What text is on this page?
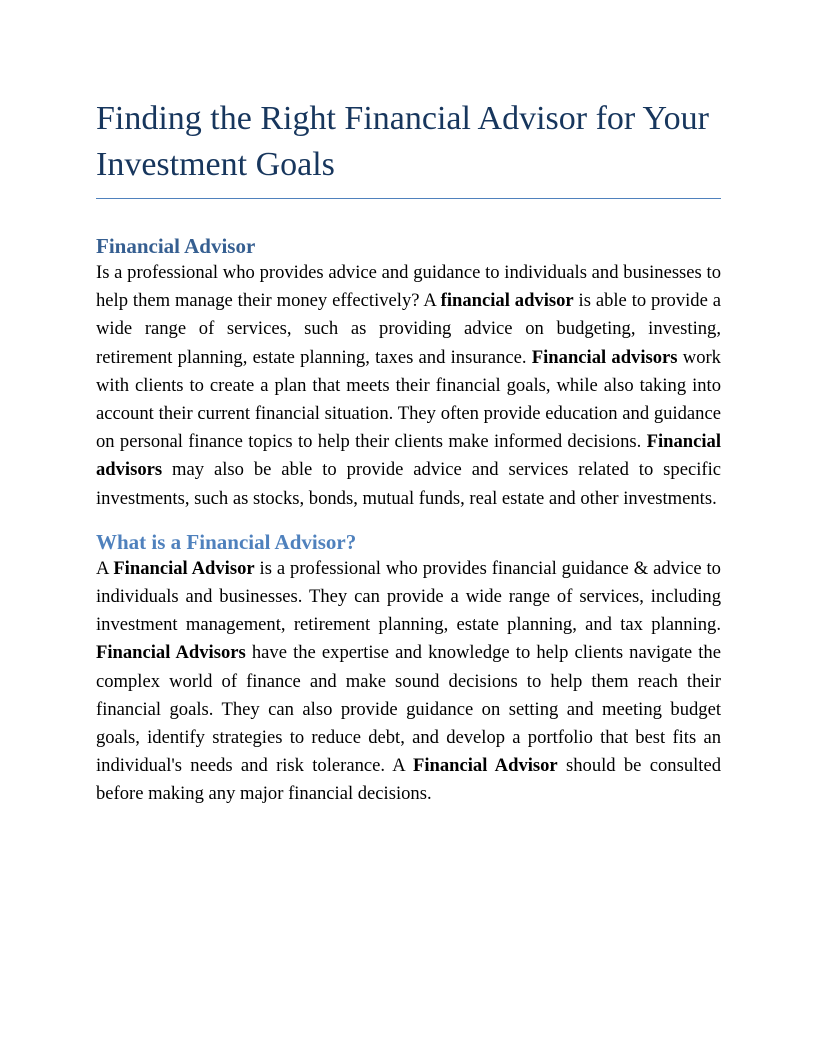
Finding the Right Financial Advisor for Your Investment Goals
Financial Advisor

Is a professional who provides advice and guidance to individuals and businesses to help them manage their money effectively? A financial advisor is able to provide a wide range of services, such as providing advice on budgeting, investing, retirement planning, estate planning, taxes and insurance. Financial advisors work with clients to create a plan that meets their financial goals, while also taking into account their current financial situation. They often provide education and guidance on personal finance topics to help their clients make informed decisions. Financial advisors may also be able to provide advice and services related to specific investments, such as stocks, bonds, mutual funds, real estate and other investments.

What is a Financial Advisor?

A Financial Advisor is a professional who provides financial guidance & advice to individuals and businesses. They can provide a wide range of services, including investment management, retirement planning, estate planning, and tax planning. Financial Advisors have the expertise and knowledge to help clients navigate the complex world of finance and make sound decisions to help them reach their financial goals. They can also provide guidance on setting and meeting budget goals, identify strategies to reduce debt, and develop a portfolio that best fits an individual's needs and risk tolerance. A Financial Advisor should be consulted before making any major financial decisions.
